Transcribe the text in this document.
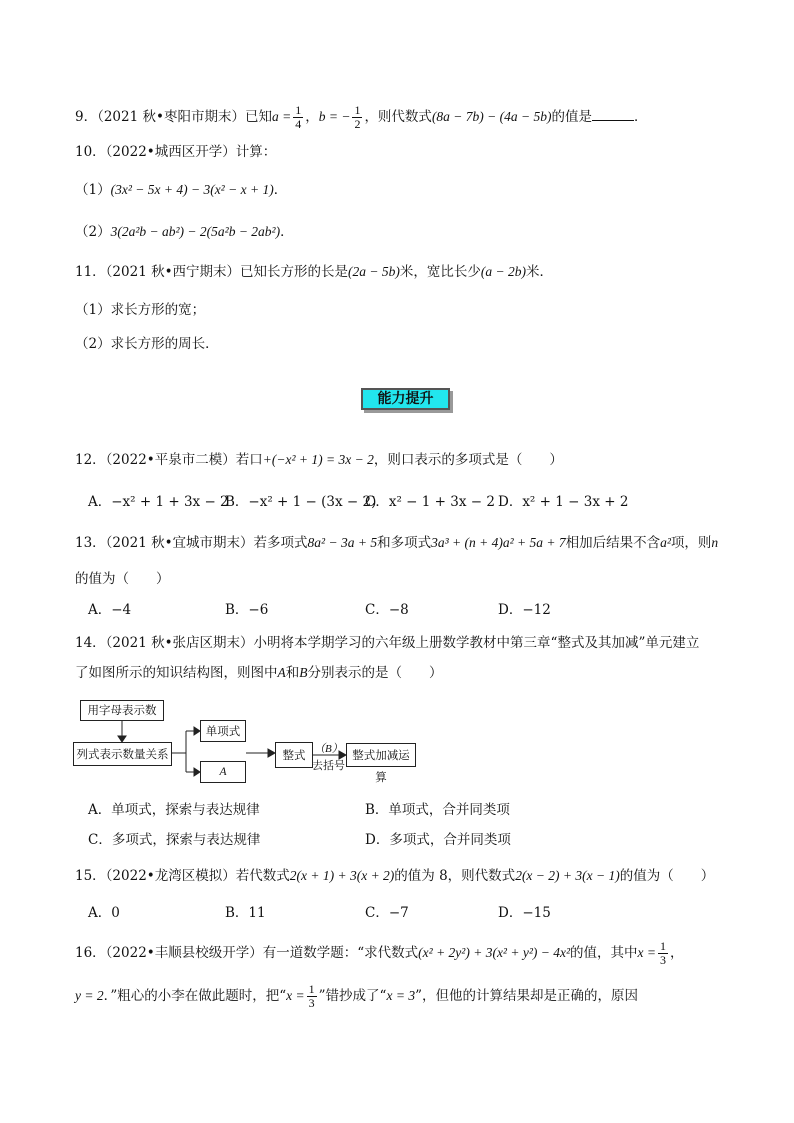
9．（2021 秋•枣阳市期末）已知$a = \frac{1}{4}$ ，b = − $\frac{1}{2}$ ，则代数式(8a − 7b) − (4a − 5b)的值是	．
10．（2022•城西区开学）计算：
（1）(3x² − 5x + 4) − 3(x² − x + 1)．
（2）3(2a²b − ab²) − 2(5a²b − 2ab²)．
11．（2021 秋•西宁期末）已知长方形的长是(2a − 5b)米，宽比长少(a − 2b)米．
（1）求长方形的宽；
（2）求长方形的周长．
能力提升
12．（2022•平泉市二模）若口+(−x² + 1) = 3x − 2，则口表示的多项式是（　　）
A．−x² + 1 + 3x − 2
B．−x² + 1 − (3x − 2)
C．x² − 1 + 3x − 2 D．x² + 1 − 3x + 2
13．（2021 秋•宜城市期末）若多项式8a² − 3a + 5和多项式3a³ + (n + 4)a² + 5a + 7相加后结果不含a²项，则n
的值为（　　）
A．−4	B．−6	C．−8	D．−12
14．（2021 秋•张店区期末）小明将本学期学习的六年级上册数学教材中第三章“整式及其加减”单元建立
了如图所示的知识结构图，则图中A和B分别表示的是（　　）
用字母表示数
列式表示数量关系
单项式
A
整式 （B）
去括号
整式加减运算
A．单项式，探索与表达规律	B．单项式，合并同类项
C．多项式，探索与表达规律	D．多项式，合并同类项
15．（2022•龙湾区模拟）若代数式2(x + 1) + 3(x + 2)的值为 8，则代数式2(x − 2) + 3(x − 1)的值为（　　）
A．0	B．11	C．−7	D．−15
16．（2022•丰顺县校级开学）有一道数学题：“求代数式(x² + 2y²) + 3(x² + y²) − 4x²的值，其中$x = \frac{1}{3}$ ，
y = 2．”粗心的小李在做此题时，把“$x = \frac{1}{3}$ ”错抄成了“x = 3”，但他的计算结果却是正确的，原因
